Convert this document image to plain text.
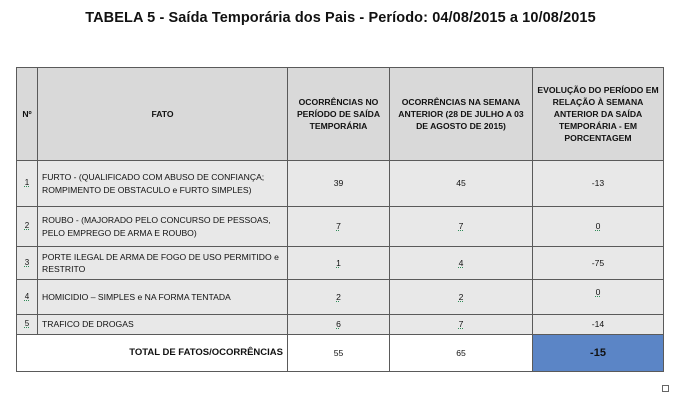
TABELA 5 - Saída Temporária dos Pais - Período: 04/08/2015 a 10/08/2015
Nº	FATO	OCORRÊNCIAS NO PERÍODO DE SAÍDA TEMPORÁRIA	OCORRÊNCIAS NA SEMANA ANTERIOR (28 DE JULHO A 03 DE AGOSTO DE 2015)	EVOLUÇÃO DO PERÍODO EM RELAÇÃO À SEMANA ANTERIOR DA SAÍDA TEMPORÁRIA - EM PORCENTAGEM
1	FURTO - (QUALIFICADO COM ABUSO DE CONFIANÇA; ROMPIMENTO DE OBSTACULO e FURTO SIMPLES)	39	45	-13
2	ROUBO - (MAJORADO PELO CONCURSO DE PESSOAS, PELO EMPREGO DE ARMA E ROUBO)	7	7	0
3	PORTE ILEGAL DE ARMA DE FOGO DE USO PERMITIDO e RESTRITO	1	4	-75
4	HOMICIDIO – SIMPLES e NA FORMA TENTADA	2	2	0
5	TRAFICO DE DROGAS	6	7	-14
TOTAL DE FATOS/OCORRÊNCIAS		55	65	-15
